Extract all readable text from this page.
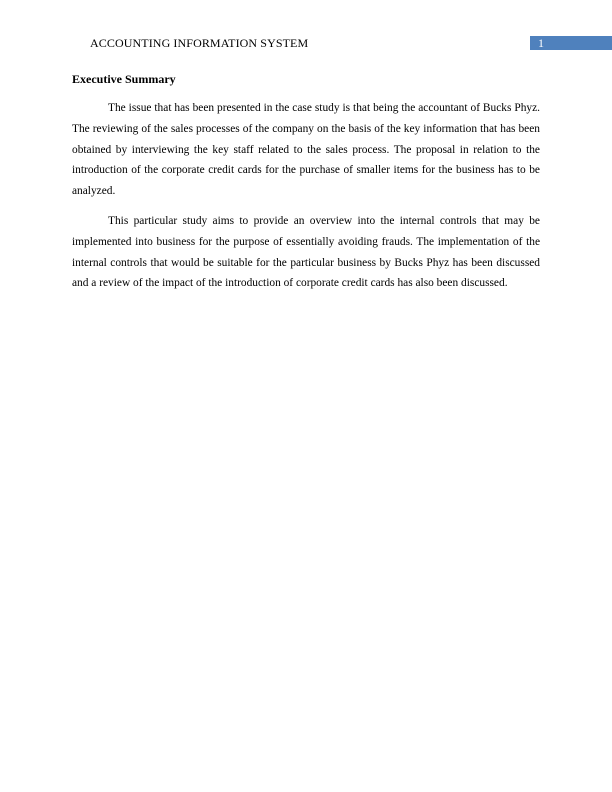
ACCOUNTING INFORMATION SYSTEM	1
Executive Summary

The issue that has been presented in the case study is that being the accountant of Bucks Phyz. The reviewing of the sales processes of the company on the basis of the key information that has been obtained by interviewing the key staff related to the sales process. The proposal in relation to the introduction of the corporate credit cards for the purchase of smaller items for the business has to be analyzed.

This particular study aims to provide an overview into the internal controls that may be implemented into business for the purpose of essentially avoiding frauds. The implementation of the internal controls that would be suitable for the particular business by Bucks Phyz has been discussed and a review of the impact of the introduction of corporate credit cards has also been discussed.
